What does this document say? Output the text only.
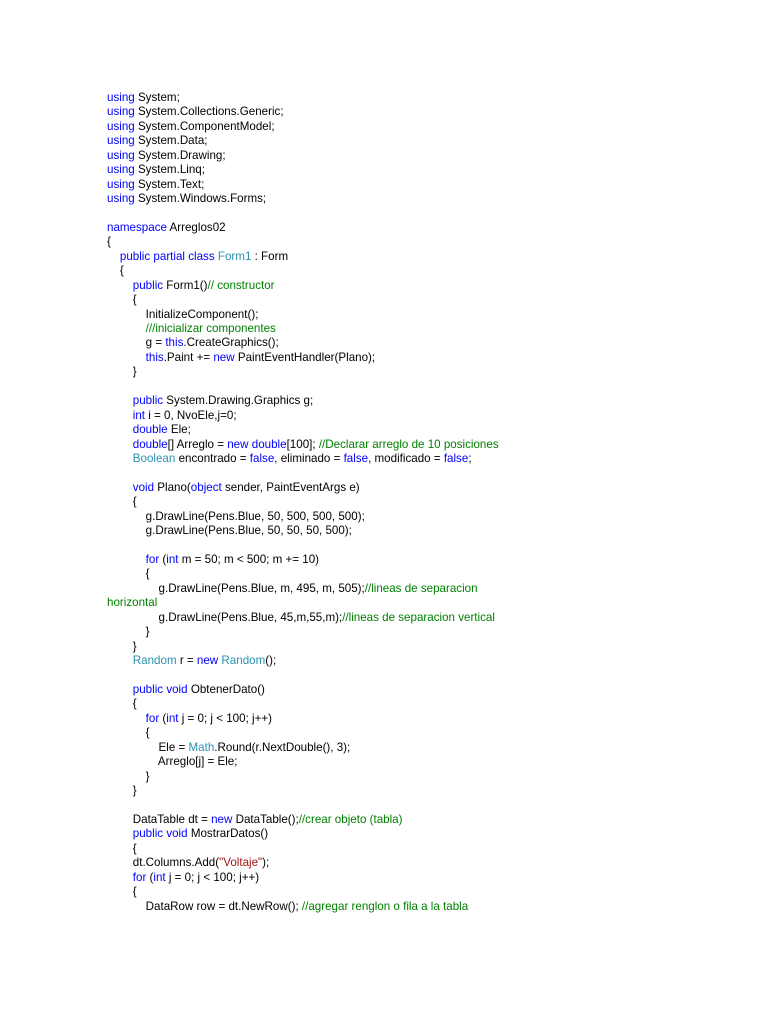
using System;
using System.Collections.Generic;
using System.ComponentModel;
using System.Data;
using System.Drawing;
using System.Linq;
using System.Text;
using System.Windows.Forms;
namespace Arreglos02
{
public partial class Form1 : Form
{
public Form1()// constructor
{
InitializeComponent();
///inicializar componentes
g = this.CreateGraphics();
this.Paint += new PaintEventHandler(Plano);
}
public System.Drawing.Graphics g;
int i = 0, NvoEle,j=0;
double Ele;
double[] Arreglo = new double[100]; //Declarar arreglo de 10 posiciones
Boolean encontrado = false, eliminado = false, modificado = false;
void Plano(object sender, PaintEventArgs e)
{
g.DrawLine(Pens.Blue, 50, 500, 500, 500);
g.DrawLine(Pens.Blue, 50, 50, 50, 500);
for (int m = 50; m < 500; m += 10)
{
g.DrawLine(Pens.Blue, m, 495, m, 505);//lineas de separacion
horizontal
g.DrawLine(Pens.Blue, 45,m,55,m);//lineas de separacion vertical
}
}
Random r = new Random();
public void ObtenerDato()
{
for (int j = 0; j < 100; j++)
{
Ele = Math.Round(r.NextDouble(), 3);
Arreglo[j] = Ele;
}
}
DataTable dt = new DataTable();//crear objeto (tabla)
public void MostrarDatos()
{
dt.Columns.Add("Voltaje");
for (int j = 0; j < 100; j++)
{
DataRow row = dt.NewRow(); //agregar renglon o fila a la tabla
